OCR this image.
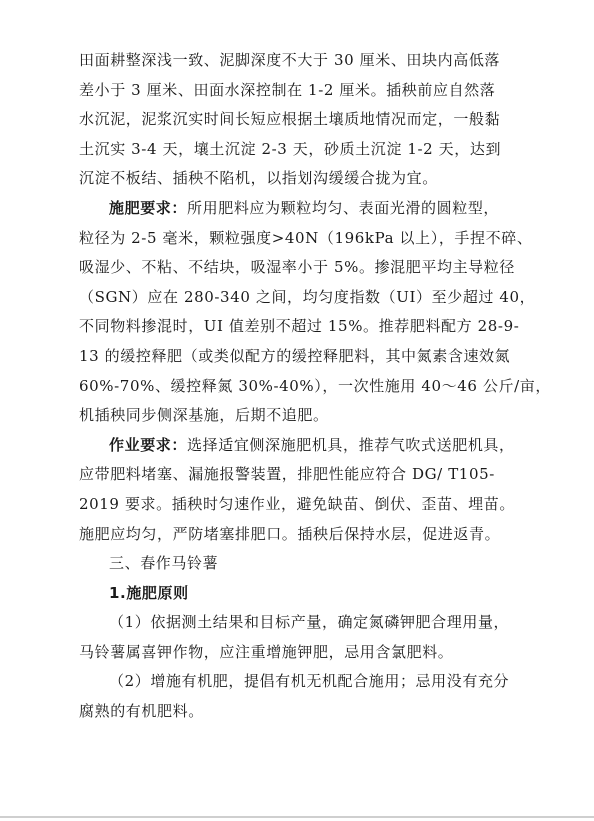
田面耕整深浅一致、泥脚深度不大于 30 厘米、田块内高低落
差小于 3 厘米、田面水深控制在 1-2 厘米。插秧前应自然落
水沉泥，泥浆沉实时间长短应根据土壤质地情况而定，一般黏
土沉实 3-4 天，壤土沉淀 2-3 天，砂质土沉淀 1-2 天，达到
沉淀不板结、插秧不陷机，以指划沟缓缓合拢为宜。
施肥要求：所用肥料应为颗粒均匀、表面光滑的圆粒型，
粒径为 2-5 毫米，颗粒强度>40N（196kPa 以上），手捏不碎、
吸湿少、不粘、不结块，吸湿率小于 5%。掺混肥平均主导粒径
（SGN）应在 280-340 之间，均匀度指数（UI）至少超过 40，
不同物料掺混时，UI 值差别不超过 15%。推荐肥料配方 28-9-
13 的缓控释肥（或类似配方的缓控释肥料，其中氮素含速效氮
60%-70%、缓控释氮 30%-40%），一次性施用 40～46 公斤/亩，
机插秧同步侧深基施，后期不追肥。
作业要求：选择适宜侧深施肥机具，推荐气吹式送肥机具，
应带肥料堵塞、漏施报警装置，排肥性能应符合 DG/ T105-
2019 要求。插秧时匀速作业，避免缺苗、倒伏、歪苗、埋苗。
施肥应均匀，严防堵塞排肥口。插秧后保持水层，促进返青。
三、春作马铃薯
1.施肥原则
（1）依据测土结果和目标产量，确定氮磷钾肥合理用量，
马铃薯属喜钾作物，应注重增施钾肥，忌用含氯肥料。
（2）增施有机肥，提倡有机无机配合施用；忌用没有充分
腐熟的有机肥料。
